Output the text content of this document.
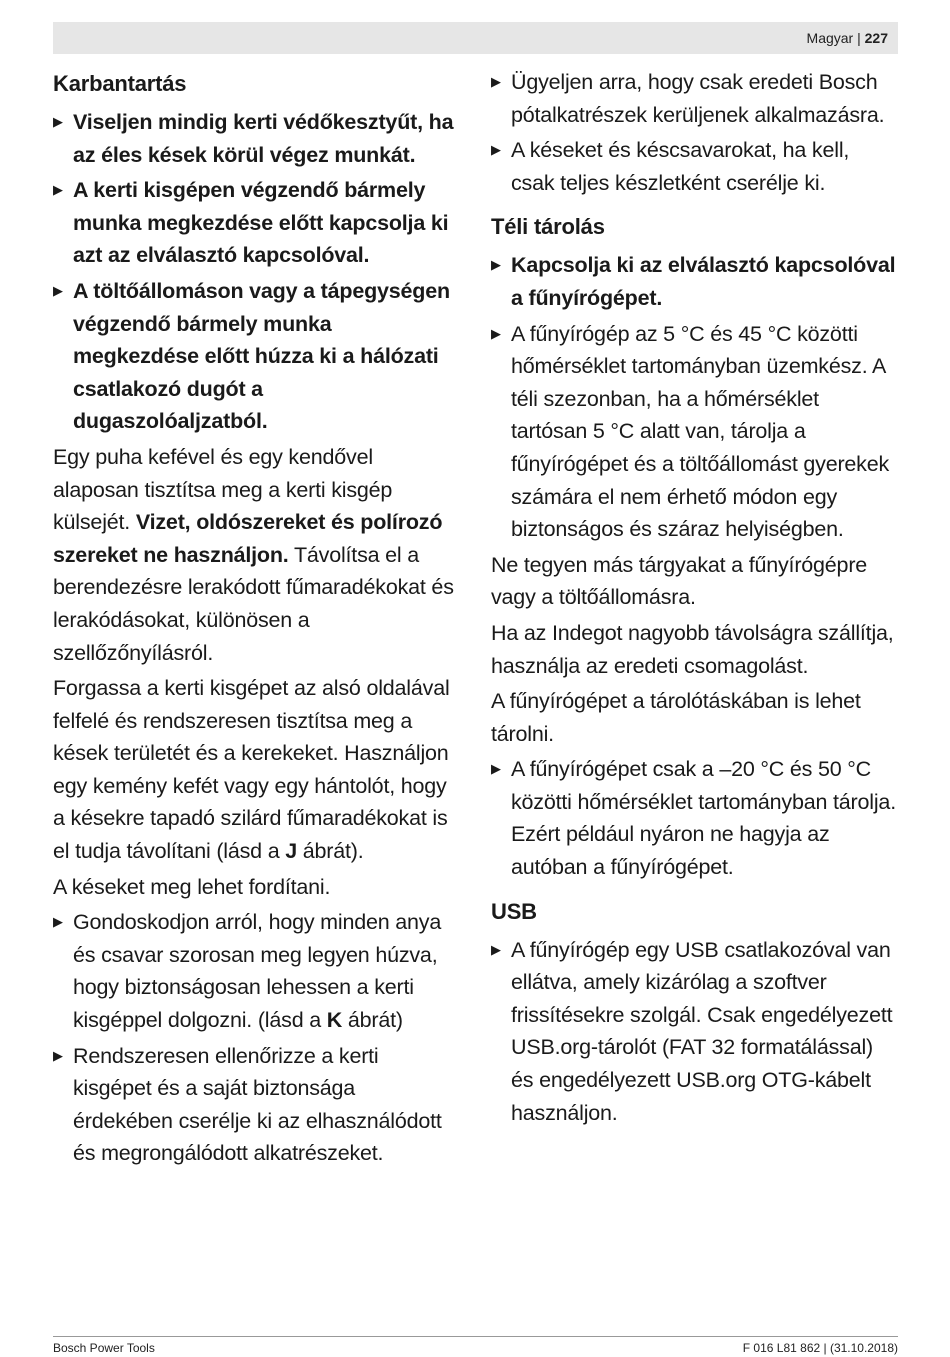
Magyar | 227
Karbantartás

▶ Viseljen mindig kerti védőkesztyűt, ha az éles kések körül végez munkát.

▶ A kerti kisgépen végzendő bármely munka megkezdése előtt kapcsolja ki azt az elválasztó kapcsolóval.

▶ A töltőállomáson vagy a tápegységen végzendő bármely munka megkezdése előtt húzza ki a hálózati csatlakozó dugót a dugaszolóaljzatból.

Egy puha kefével és egy kendővel alaposan tisztítsa meg a kerti kisgép külsejét. Vizet, oldószereket és polírozó szereket ne használjon. Távolítsa el a berendezésre lerakódott fűmaradékokat és lerakódásokat, különösen a szellőzőnyílásról.

Forgassa a kerti kisgépet az alsó oldalával felfelé és rendszeresen tisztítsa meg a kések területét és a kerekeket. Használjon egy kemény kefét vagy egy hántolót, hogy a késekre tapadó szilárd fűmaradékokat is el tudja távolítani (lásd a J ábrát).

A késeket meg lehet fordítani.

▶ Gondoskodjon arról, hogy minden anya és csavar szorosan meg legyen húzva, hogy biztonságosan lehessen a kerti kisgéppel dolgozni. (lásd a K ábrát)

▶ Rendszeresen ellenőrizze a kerti kisgépet és a saját biztonsága érdekében cserélje ki az elhasználódott és megrongálódott alkatrészeket.

▶ Ügyeljen arra, hogy csak eredeti Bosch pótalkatrészek kerüljenek alkalmazásra.

▶ A késeket és késcsavarokat, ha kell, csak teljes készletként cserélje ki.

Téli tárolás

▶ Kapcsolja ki az elválasztó kapcsolóval a fűnyírógépet.

▶ A fűnyírógép az 5 °C és 45 °C közötti hőmérséklet tartományban üzemkész. A téli szezonban, ha a hőmérséklet tartósan 5 °C alatt van, tárolja a fűnyírógépet és a töltőállomást gyerekek számára el nem érhető módon egy biztonságos és száraz helyiségben.

Ne tegyen más tárgyakat a fűnyírógépre vagy a töltőállomásra.

Ha az Indegot nagyobb távolságra szállítja, használja az eredeti csomagolást.

A fűnyírógépet a tárolótáskában is lehet tárolni.

▶ A fűnyírógépet csak a –20 °C és 50 °C közötti hőmérséklet tartományban tárolja. Ezért például nyáron ne hagyja az autóban a fűnyírógépet.

USB

▶ A fűnyírógép egy USB csatlakozóval van ellátva, amely kizárólag a szoftver frissítésekre szolgál. Csak engedélyezett USB.org-tárolót (FAT 32 formatálással) és engedélyezett USB.org OTG-kábelt használjon.

Bosch Power Tools	F 016 L81 862 | (31.10.2018)
